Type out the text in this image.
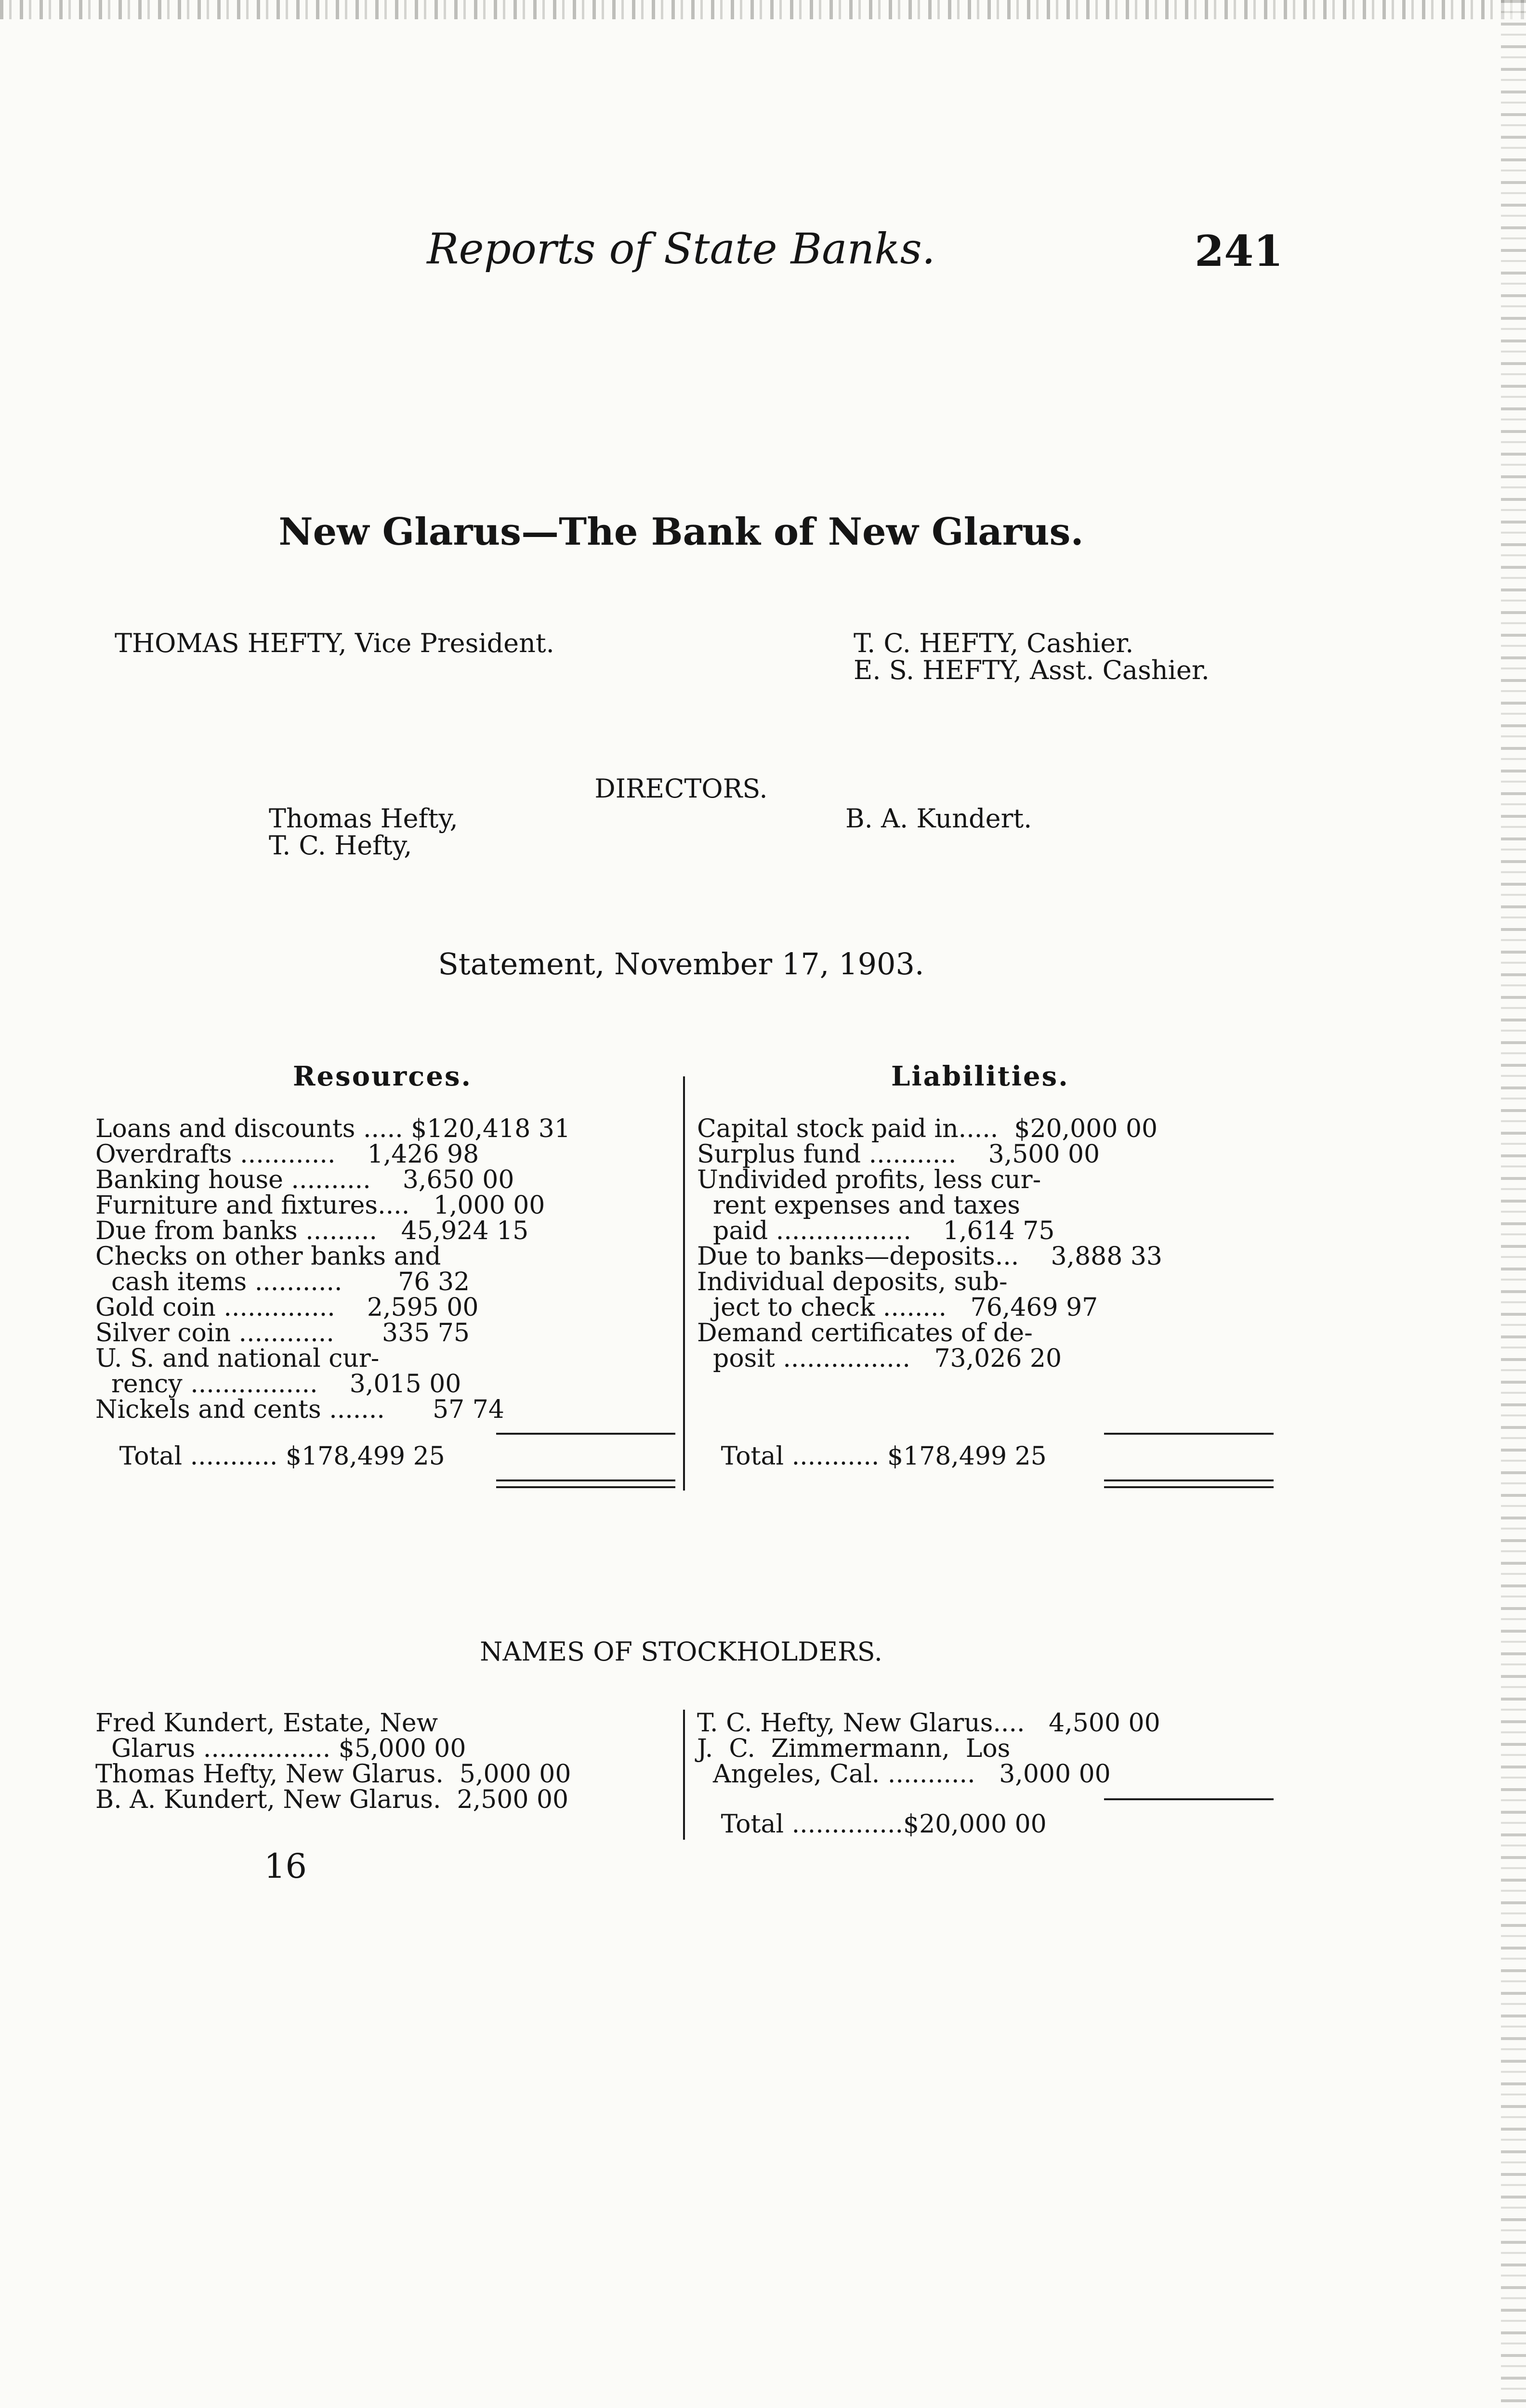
Reports of State Banks.	241
New Glarus—The Bank of New Glarus.
THOMAS HEFTY, Vice President.	T. C. HEFTY, Cashier.
E. S. HEFTY, Asst. Cashier.
DIRECTORS.
Thomas Hefty,
T. C. Hefty,
B. A. Kundert.
Statement, November 17, 1903.
Resources.	Liabilities.
Loans and discounts ..... $120,418 31
Overdrafts ............    1,426 98
Banking house ..........    3,650 00
Furniture and fixtures....   1,000 00
Due from banks .........   45,924 15
Checks on other banks and
cash items ...........       76 32
Gold coin ..............    2,595 00
Silver coin ............      335 75
U. S. and national cur-
rency ................    3,015 00
Nickels and cents .......      57 74
Total ........... $178,499 25
Capital stock paid in.....  $20,000 00
Surplus fund ...........    3,500 00
Undivided profits, less cur-
rent expenses and taxes
paid .................    1,614 75
Due to banks—deposits...    3,888 33
Individual deposits, sub-
ject to check ........   76,469 97
Demand certificates of de-
posit ................   73,026 20
Total ........... $178,499 25
NAMES OF STOCKHOLDERS.
Fred Kundert, Estate, New
Glarus ................ $5,000 00
Thomas Hefty, New Glarus.  5,000 00
B. A. Kundert, New Glarus.  2,500 00
T. C. Hefty, New Glarus....   4,500 00
J.  C.  Zimmermann,  Los
Angeles, Cal. ...........   3,000 00
Total ..............$20,000 00
16
